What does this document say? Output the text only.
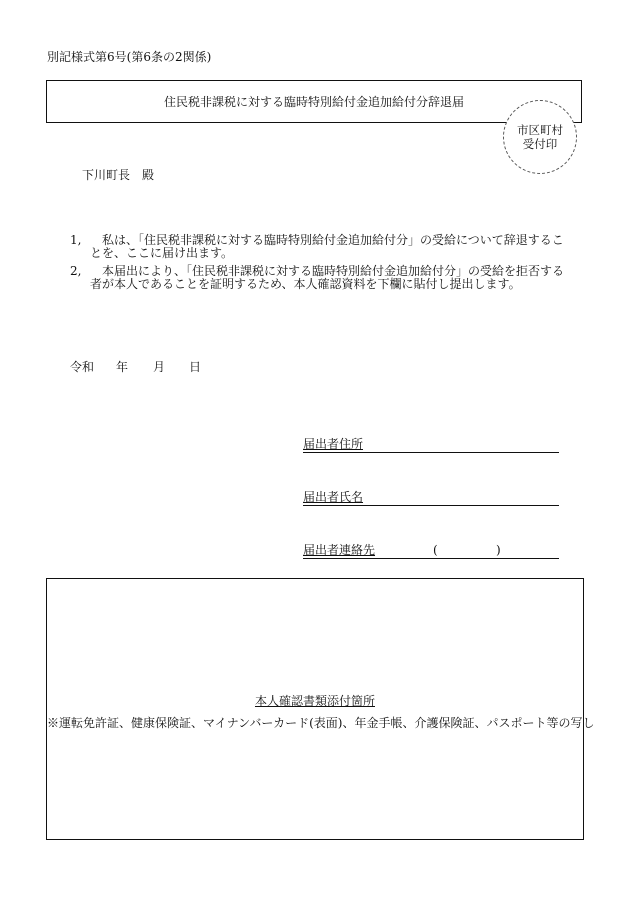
別記様式第6号(第6条の2関係)
住民税非課税に対する臨時特別給付金追加給付分辞退届
市区町村
受付印
下川町長　殿
1,	私は、「住民税非課税に対する臨時特別給付金追加給付分」の受給について辞退することを、ここに届け出ます。
2,	本届出により、「住民税非課税に対する臨時特別給付金追加給付分」の受給を拒否する者が本人であることを証明するため、本人確認資料を下欄に貼付し提出します。
令和	年	月	日
届出者住所
届出者氏名
届出者連絡先	(	)
本人確認書類添付箇所
※運転免許証、健康保険証、マイナンバーカード(表面)、年金手帳、介護保険証、パスポート等の写し
